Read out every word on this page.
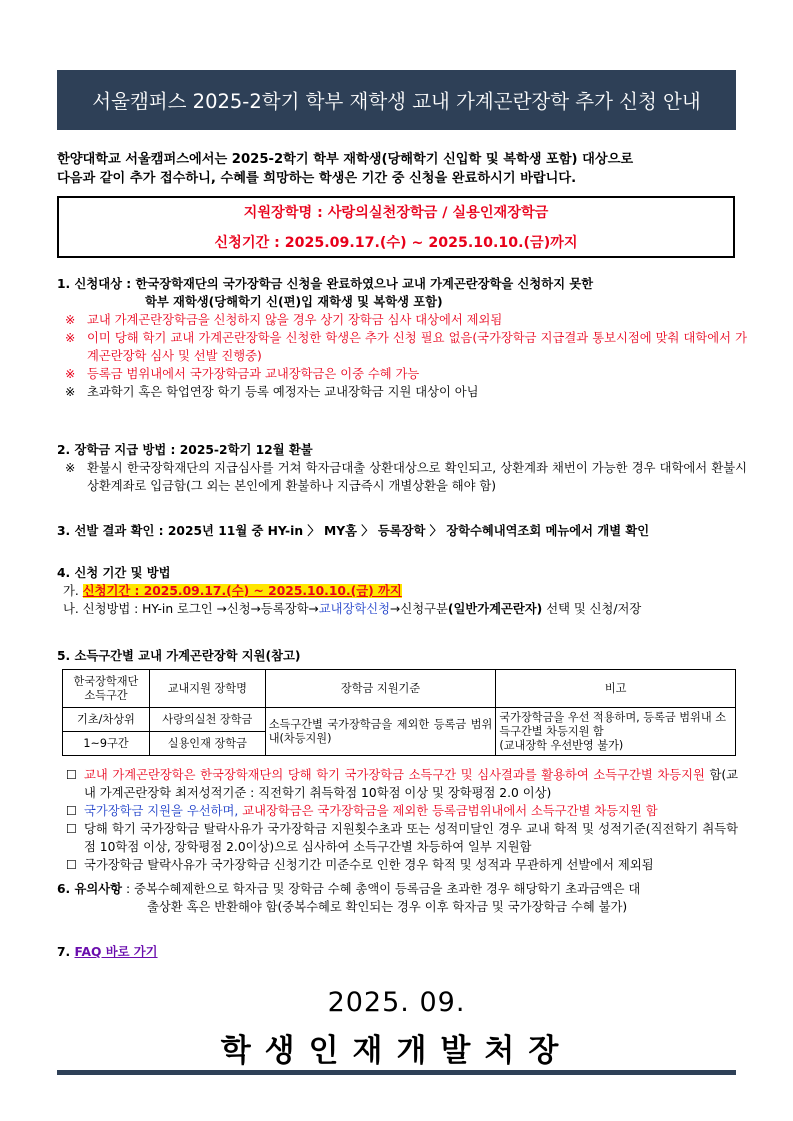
서울캠퍼스 2025-2학기 학부 재학생 교내 가계곤란장학 추가 신청 안내
한양대학교 서울캠퍼스에서는 2025-2학기 학부 재학생(당해학기 신입학 및 복학생 포함) 대상으로
다음과 같이 추가 접수하니, 수혜를 희망하는 학생은 기간 중 신청을 완료하시기 바랍니다.
지원장학명 : 사랑의실천장학금 / 실용인재장학금
신청기간 : 2025.09.17.(수) ~ 2025.10.10.(금)까지
1. 신청대상 : 한국장학재단의 국가장학금 신청을 완료하였으나 교내 가계곤란장학을 신청하지 못한
학부 재학생(당해학기 신(편)입 재학생 및 복학생 포함)
※ 교내 가계곤란장학금을 신청하지 않을 경우 상기 장학금 심사 대상에서 제외됨
※ 이미 당해 학기 교내 가계곤란장학을 신청한 학생은 추가 신청 필요 없음(국가장학금 지급결과 통보시점에 맞춰 대학에서 가계곤란장학 심사 및 선발 진행중)
※ 등록금 범위내에서 국가장학금과 교내장학금은 이중 수혜 가능
※ 초과학기 혹은 학업연장 학기 등록 예정자는 교내장학금 지원 대상이 아님
2. 장학금 지급 방법 : 2025-2학기 12월 환불
※ 환불시 한국장학재단의 지급심사를 거쳐 학자금대출 상환대상으로 확인되고, 상환계좌 채번이 가능한 경우 대학에서 환불시 상환계좌로 입금함(그 외는 본인에게 환불하나 지급즉시 개별상환을 해야 함)
3. 선발 결과 확인 : 2025년 11월 중 HY-in 〉 MY홈 〉 등록장학 〉 장학수혜내역조회 메뉴에서 개별 확인
4. 신청 기간 및 방법
가. 신청기간 : 2025.09.17.(수) ~ 2025.10.10.(금) 까지
나. 신청방법 : HY-in 로그인 →신청→등록장학→교내장학신청→신청구분(일반가계곤란자) 선택 및 신청/저장
5. 소득구간별 교내 가계곤란장학 지원(참고)
한국장학재단
소득구간	교내지원 장학명	장학금 지원기준	비고
기초/차상위	사랑의실천 장학금	소득구간별 국가장학금을 제외한 등록금 범위내(차등지원)	국가장학금을 우선 적용하며, 등록금 범위내 소득구간별 차등지원 함
(교내장학 우선반영 불가)
1~9구간	실용인재 장학금		
☐ 교내 가계곤란장학은 한국장학재단의 당해 학기 국가장학금 소득구간 및 심사결과를 활용하여 소득구간별 차등지원 함(교내 가계곤란장학 최저성적기준 : 직전학기 취득학점 10학점 이상 및 장학평점 2.0 이상)
☐ 국가장학금 지원을 우선하며, 교내장학금은 국가장학금을 제외한 등록금범위내에서 소득구간별 차등지원 함
☐ 당해 학기 국가장학금 탈락사유가 국가장학금 지원횟수초과 또는 성적미달인 경우 교내 학적 및 성적기준(직전학기 취득학점 10학점 이상, 장학평점 2.0이상)으로 심사하여 소득구간별 차등하여 일부 지원함
☐ 국가장학금 탈락사유가 국가장학금 신청기간 미준수로 인한 경우 학적 및 성적과 무관하게 선발에서 제외됨
6. 유의사항 : 중복수혜제한으로 학자금 및 장학금 수혜 총액이 등록금을 초과한 경우 해당학기 초과금액은 대
출상환 혹은 반환해야 함(중복수혜로 확인되는 경우 이후 학자금 및 국가장학금 수혜 불가)
7. FAQ 바로 가기
2025. 09.
학생인재개발처장
